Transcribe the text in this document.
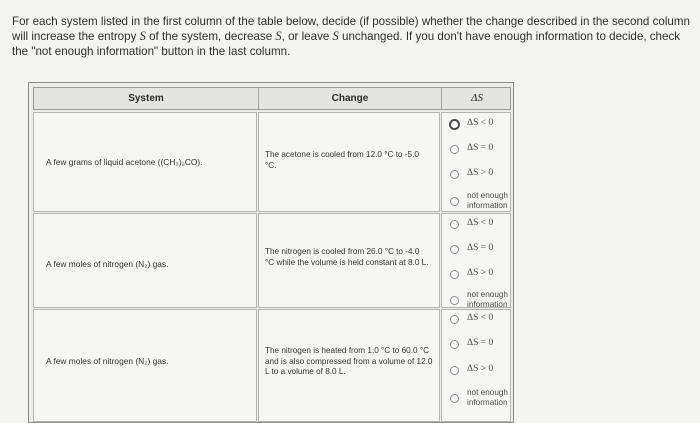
For each system listed in the first column of the table below, decide (if possible) whether the change described in the second column will increase the entropy S of the system, decrease S, or leave S unchanged. If you don't have enough information to decide, check the "not enough information" button in the last column.
System	Change	ΔS
A few grams of liquid acetone ((CH₃)₂CO).
The acetone is cooled from 12.0 °C to -5.0 °C.
ΔS < 0
ΔS = 0
ΔS > 0
not enough information
A few moles of nitrogen (N₂) gas.
The nitrogen is cooled from 26.0 °C to -4.0 °C while the volume is held constant at 8.0 L.
ΔS < 0
ΔS = 0
ΔS > 0
not enough information
A few moles of nitrogen (N₂) gas.
The nitrogen is heated from 1.0 °C to 60.0 °C and is also compressed from a volume of 12.0 L to a volume of 8.0 L.
ΔS < 0
ΔS = 0
ΔS > 0
not enough information
